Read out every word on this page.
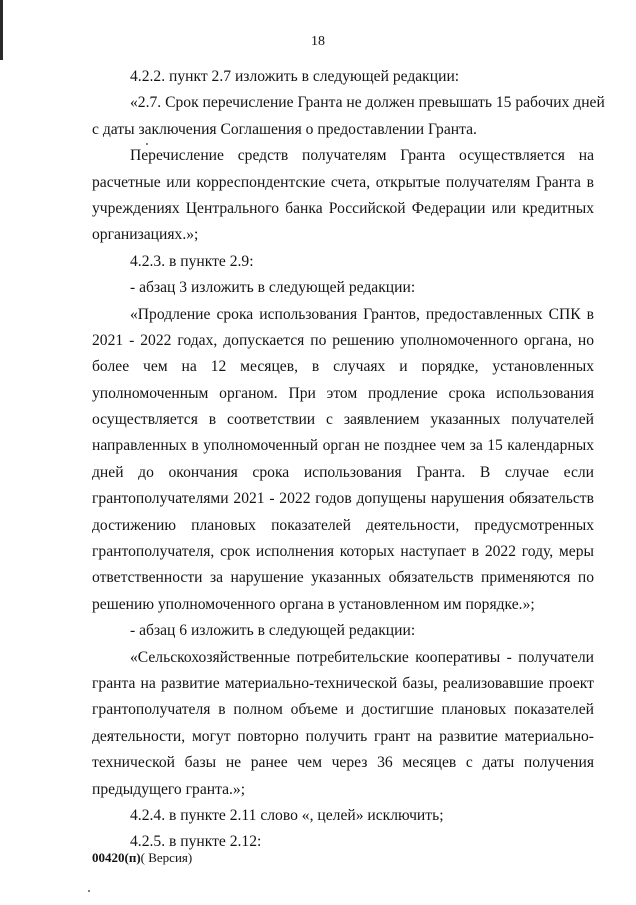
18
4.2.2. пункт 2.7 изложить в следующей редакции:
«2.7. Срок перечисление Гранта не должен превышать 15 рабочих дней
с даты заключения Соглашения о предоставлении Гранта.
Перечисление средств получателям Гранта осуществляется на
расчетные или корреспондентские счета, открытые получателям Гранта в
учреждениях Центрального банка Российской Федерации или кредитных
организациях.»;
4.2.3. в пункте 2.9:
- абзац 3 изложить в следующей редакции:
«Продление срока использования Грантов, предоставленных СПК в
2021 - 2022 годах, допускается по решению уполномоченного органа, но
более чем на 12 месяцев, в случаях и порядке, установленных
уполномоченным органом. При этом продление срока использования
осуществляется в соответствии с заявлением указанных получателей
направленных в уполномоченный орган не позднее чем за 15 календарных
дней до окончания срока использования Гранта. В случае если
грантополучателями 2021 - 2022 годов допущены нарушения обязательств
достижению плановых показателей деятельности, предусмотренных
грантополучателя, срок исполнения которых наступает в 2022 году, меры
ответственности за нарушение указанных обязательств применяются по
решению уполномоченного органа в установленном им порядке.»;
- абзац 6 изложить в следующей редакции:
«Сельскохозяйственные потребительские кооперативы - получатели
гранта на развитие материально-технической базы, реализовавшие проект
грантополучателя в полном объеме и достигшие плановых показателей
деятельности, могут повторно получить грант на развитие материально-
технической базы не ранее чем через 36 месяцев с даты получения
предыдущего гранта.»;
4.2.4. в пункте 2.11 слово «, целей» исключить;
4.2.5. в пункте 2.12:
00420(п)( Версия)
